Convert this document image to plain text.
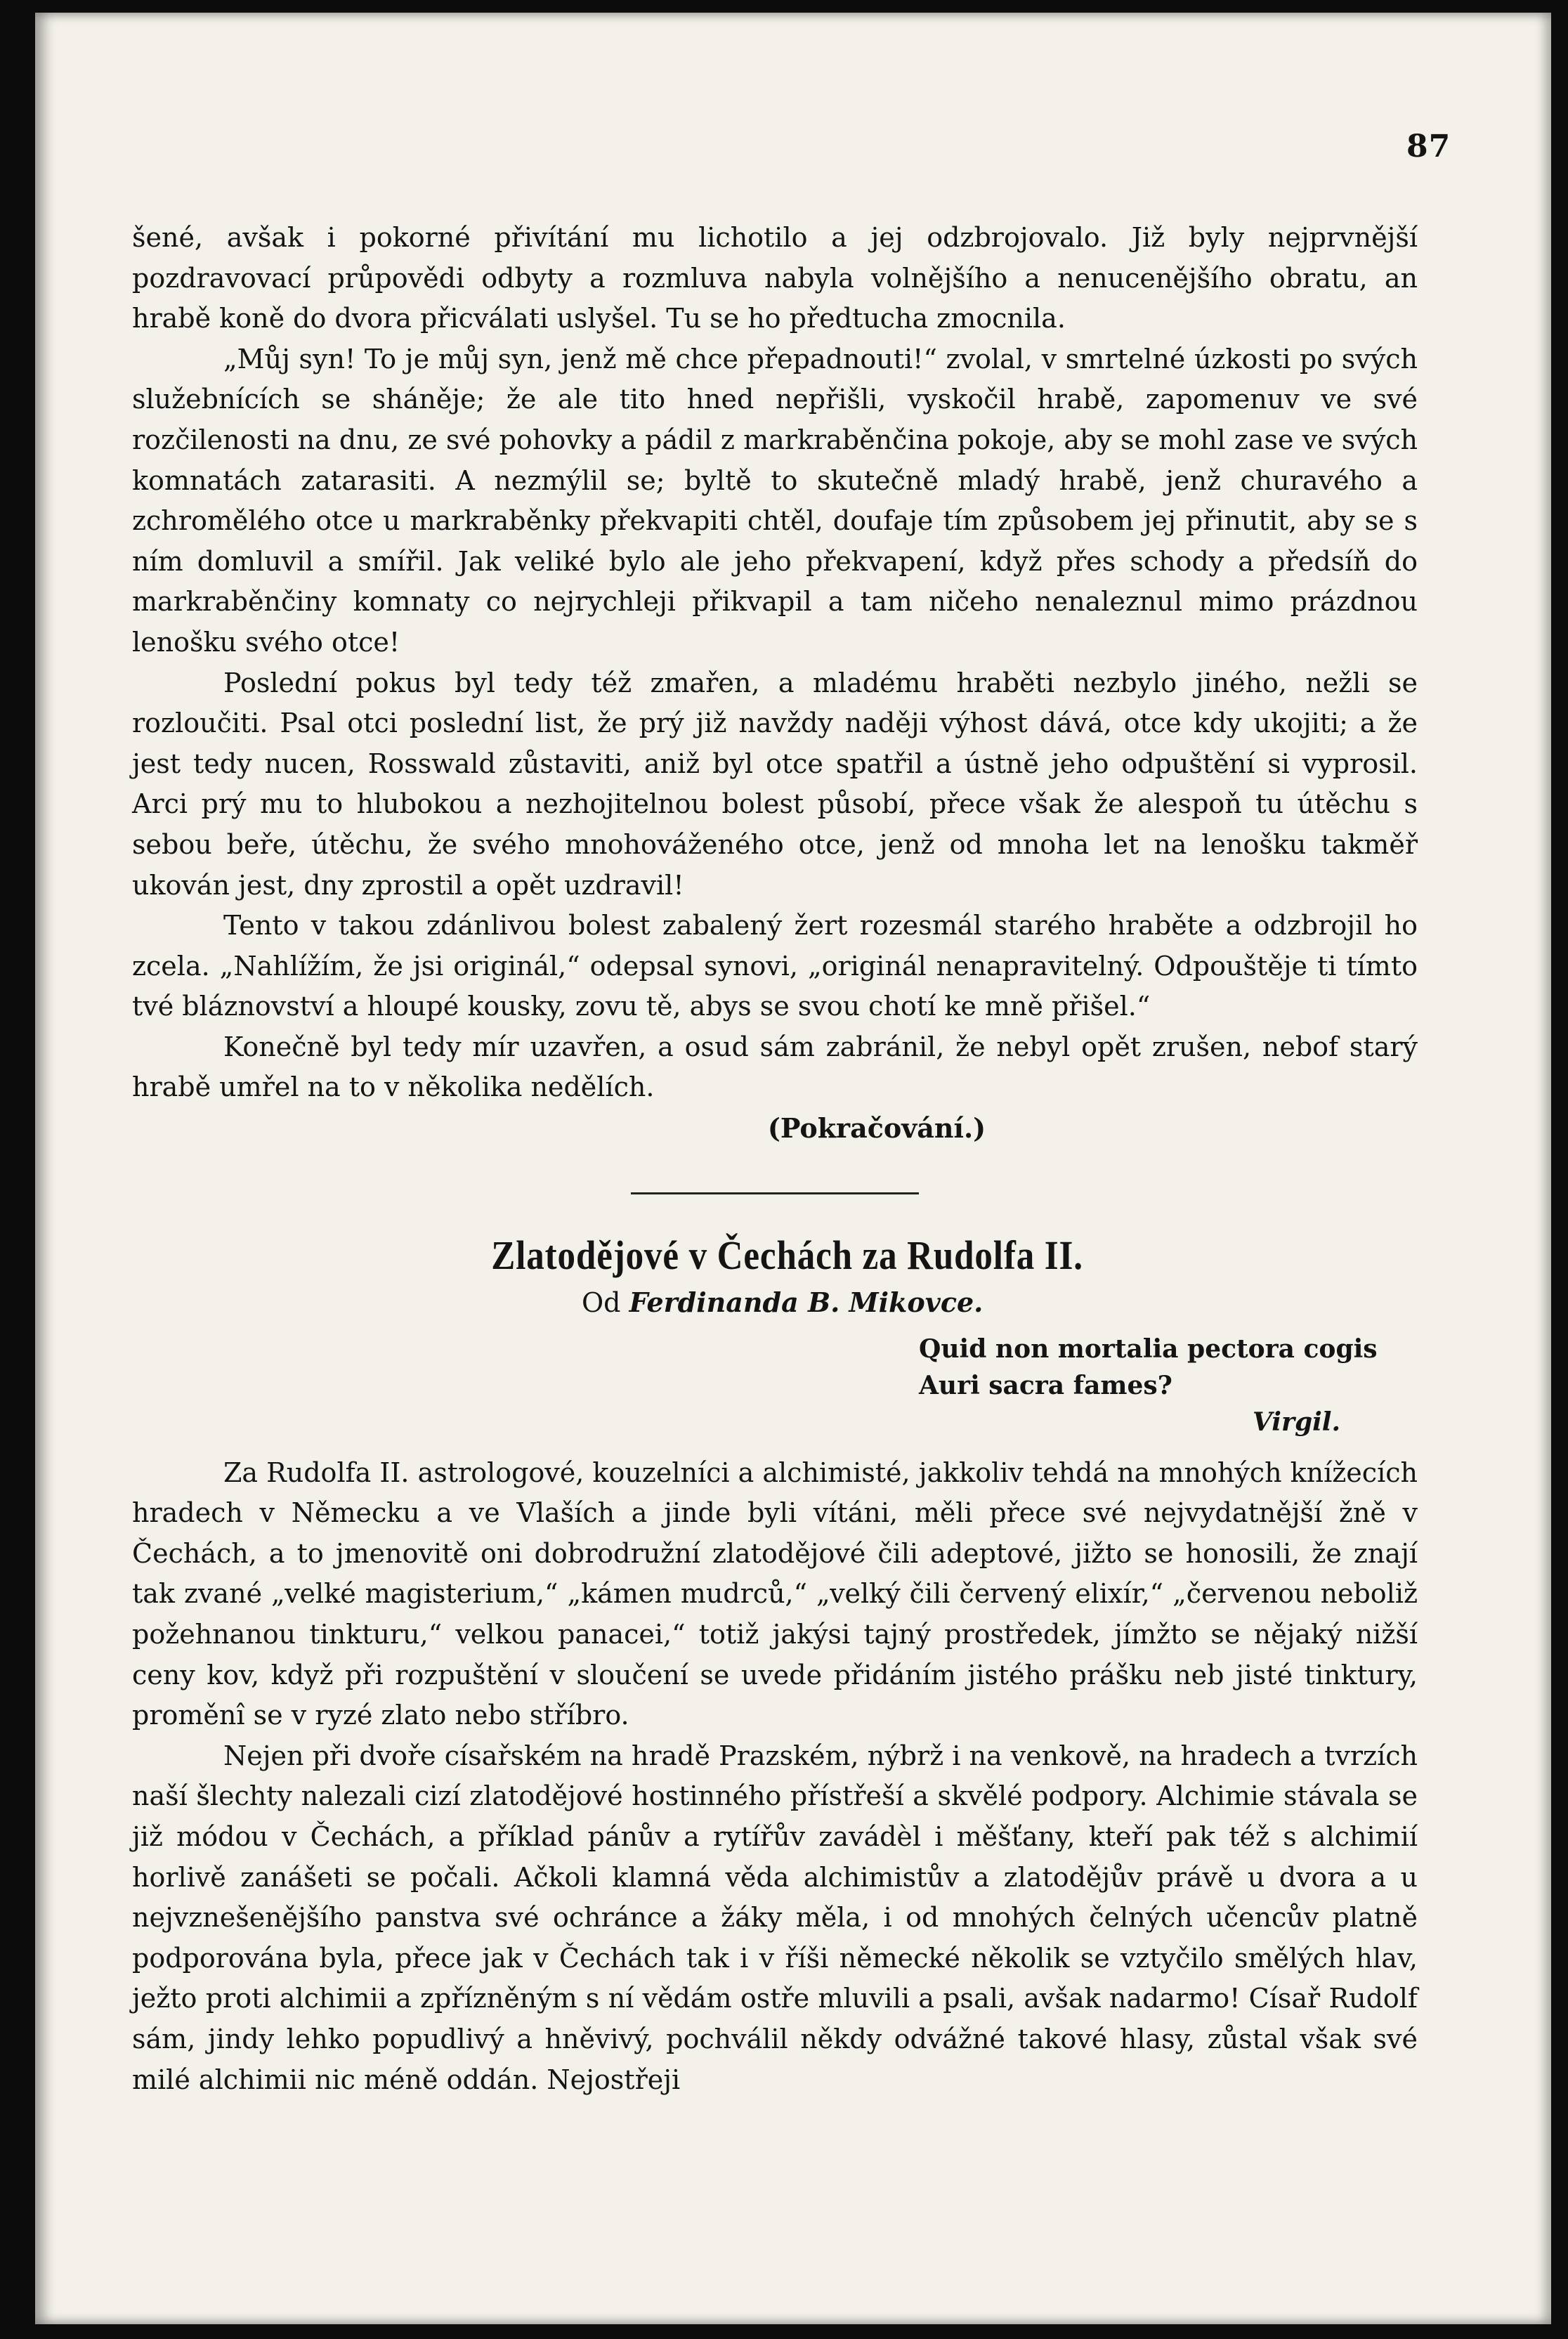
87

šené, avšak i pokorné přivítání mu lichotilo a jej odzbrojovalo. Již byly nejprvnější pozdravovací průpovědi odbyty a rozmluva nabyla volnějšího a nenucenějšího obratu, an hrabě koně do dvora přicválati uslyšel. Tu se ho předtucha zmocnila.

„Můj syn! To je můj syn, jenž mě chce přepadnouti!“ zvolal, v smrtelné úzkosti po svých služebnících se sháněje; že ale tito hned nepřišli, vyskočil hrabě, zapomenuv ve své rozčilenosti na dnu, ze své pohovky a pádil z markraběnčina pokoje, aby se mohl zase ve svých komnatách zatarasiti. A nezmýlil se; byltě to skutečně mladý hrabě, jenž churavého a zchromělého otce u markraběnky překvapiti chtěl, doufaje tím způsobem jej přinutit, aby se s ním domluvil a smířil. Jak veliké bylo ale jeho překvapení, když přes schody a předsíň do markraběnčiny komnaty co nejrychleji přikvapil a tam ničeho nenaleznul mimo prázdnou lenošku svého otce!

Poslední pokus byl tedy též zmařen, a mladému hraběti nezbylo jiného, nežli se rozloučiti. Psal otci poslední list, že prý již navždy naději výhost dává, otce kdy ukojiti; a že jest tedy nucen, Rosswald zůstaviti, aniž byl otce spatřil a ústně jeho odpuštění si vyprosil. Arci prý mu to hlubokou a nezhojitelnou bolest působí, přece však že alespoň tu útěchu s sebou beře, útěchu, že svého mnohováženého otce, jenž od mnoha let na lenošku takměř ukován jest, dny zprostil a opět uzdravil!

Tento v takou zdánlivou bolest zabalený žert rozesmál starého hraběte a odzbrojil ho zcela. „Nahlížím, že jsi originál,“ odepsal synovi, „originál nenapravitelný. Odpouštěje ti tímto tvé bláznovství a hloupé kousky, zovu tě, abys se svou chotí ke mně přišel.“

Konečně byl tedy mír uzavřen, a osud sám zabránil, že nebyl opět zrušen, nebof starý hrabě umřel na to v několika nedělích.

(Pokračování.)

Zlatodějové v Čechách za Rudolfa II.
Od Ferdinanda B. Mikovce.
Quid non mortalia pectora cogis
Auri sacra fames?
Virgil.

Za Rudolfa II. astrologové, kouzelníci a alchimisté, jakkoliv tehdá na mnohých knížecích hradech v Německu a ve Vlaších a jinde byli vítáni, měli přece své nejvydatnější žně v Čechách, a to jmenovitě oni dobrodružní zlatodějové čili adeptové, jižto se honosili, že znají tak zvané „velké magisterium,“ „kámen mudrců,“ „velký čili červený elixír,“ „červenou neboliž požehnanou tinkturu,“ velkou panacei,“ totiž jakýsi tajný prostředek, jímžto se nějaký nižší ceny kov, když při rozpuštění v sloučení se uvede přidáním jistého prášku neb jisté tinktury, proměnî se v ryzé zlato nebo stříbro.

Nejen při dvoře císařském na hradě Prazském, nýbrž i na venkově, na hradech a tvrzích naší šlechty nalezali cizí zlatodějové hostinného přístřeší a skvělé podpory. Alchimie stávala se již módou v Čechách, a příklad pánův a rytířův zavádèl i měšťany, kteří pak též s alchimií horlivě zanášeti se počali. Ačkoli klamná věda alchimistův a zlatodějův právě u dvora a u nejvznešenějšího panstva své ochránce a žáky měla, i od mnohých čelných učencův platně podporována byla, přece jak v Čechách tak i v říši německé několik se vztyčilo smělých hlav, ježto proti alchimii a zpřízněným s ní vědám ostře mluvili a psali, avšak nadarmo! Císař Rudolf sám, jindy lehko popudlivý a hněvivý, pochválil někdy odvážné takové hlasy, zůstal však své milé alchimii nic méně oddán. Nejostřeji
